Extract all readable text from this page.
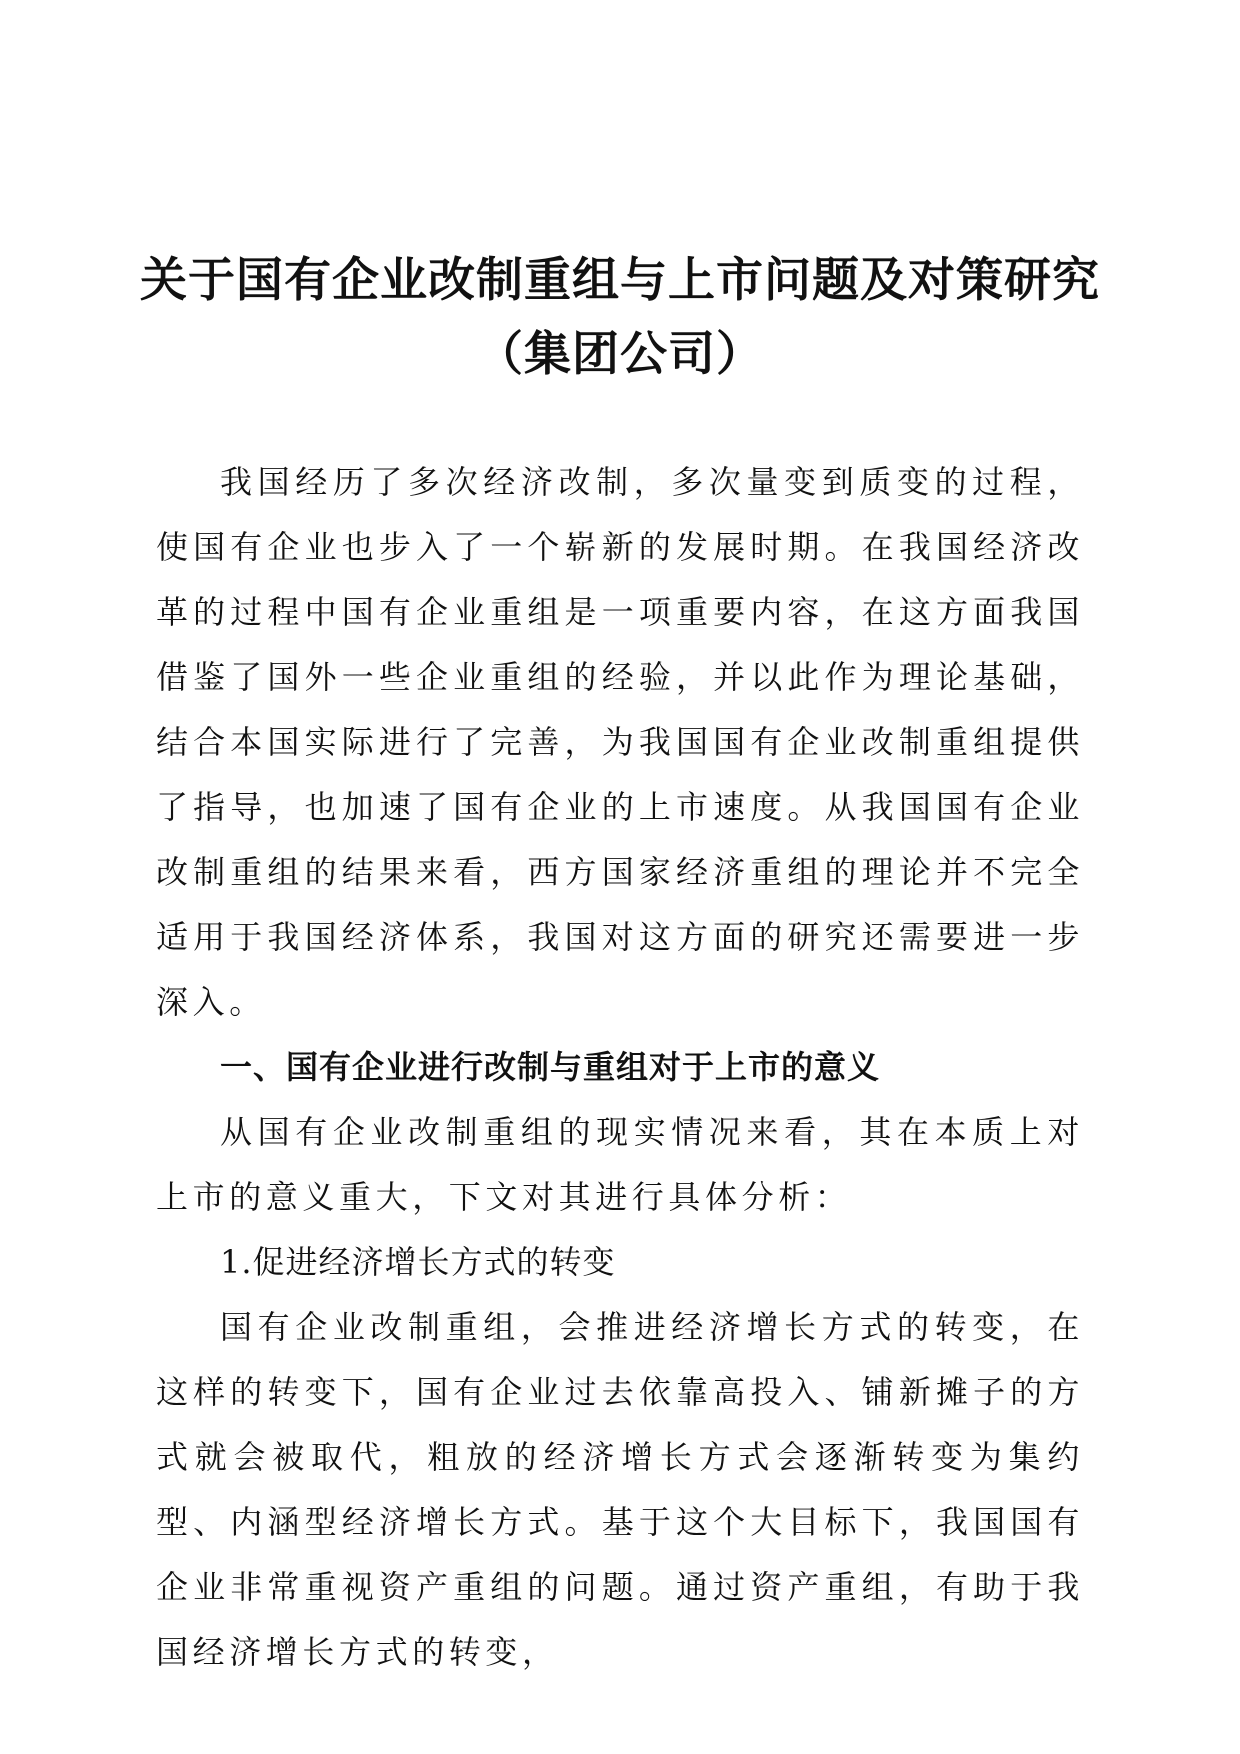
关于国有企业改制重组与上市问题及对策研究
（集团公司）

我国经历了多次经济改制，多次量变到质变的过程，使国有企业也步入了一个崭新的发展时期。在我国经济改革的过程中国有企业重组是一项重要内容，在这方面我国借鉴了国外一些企业重组的经验，并以此作为理论基础，结合本国实际进行了完善，为我国国有企业改制重组提供了指导，也加速了国有企业的上市速度。从我国国有企业改制重组的结果来看，西方国家经济重组的理论并不完全适用于我国经济体系，我国对这方面的研究还需要进一步深入。

一、国有企业进行改制与重组对于上市的意义

从国有企业改制重组的现实情况来看，其在本质上对上市的意义重大，下文对其进行具体分析：

1.促进经济增长方式的转变

国有企业改制重组，会推进经济增长方式的转变，在这样的转变下，国有企业过去依靠高投入、铺新摊子的方式就会被取代，粗放的经济增长方式会逐渐转变为集约型、内涵型经济增长方式。基于这个大目标下，我国国有企业非常重视资产重组的问题。通过资产重组，有助于我国经济增长方式的转变，
